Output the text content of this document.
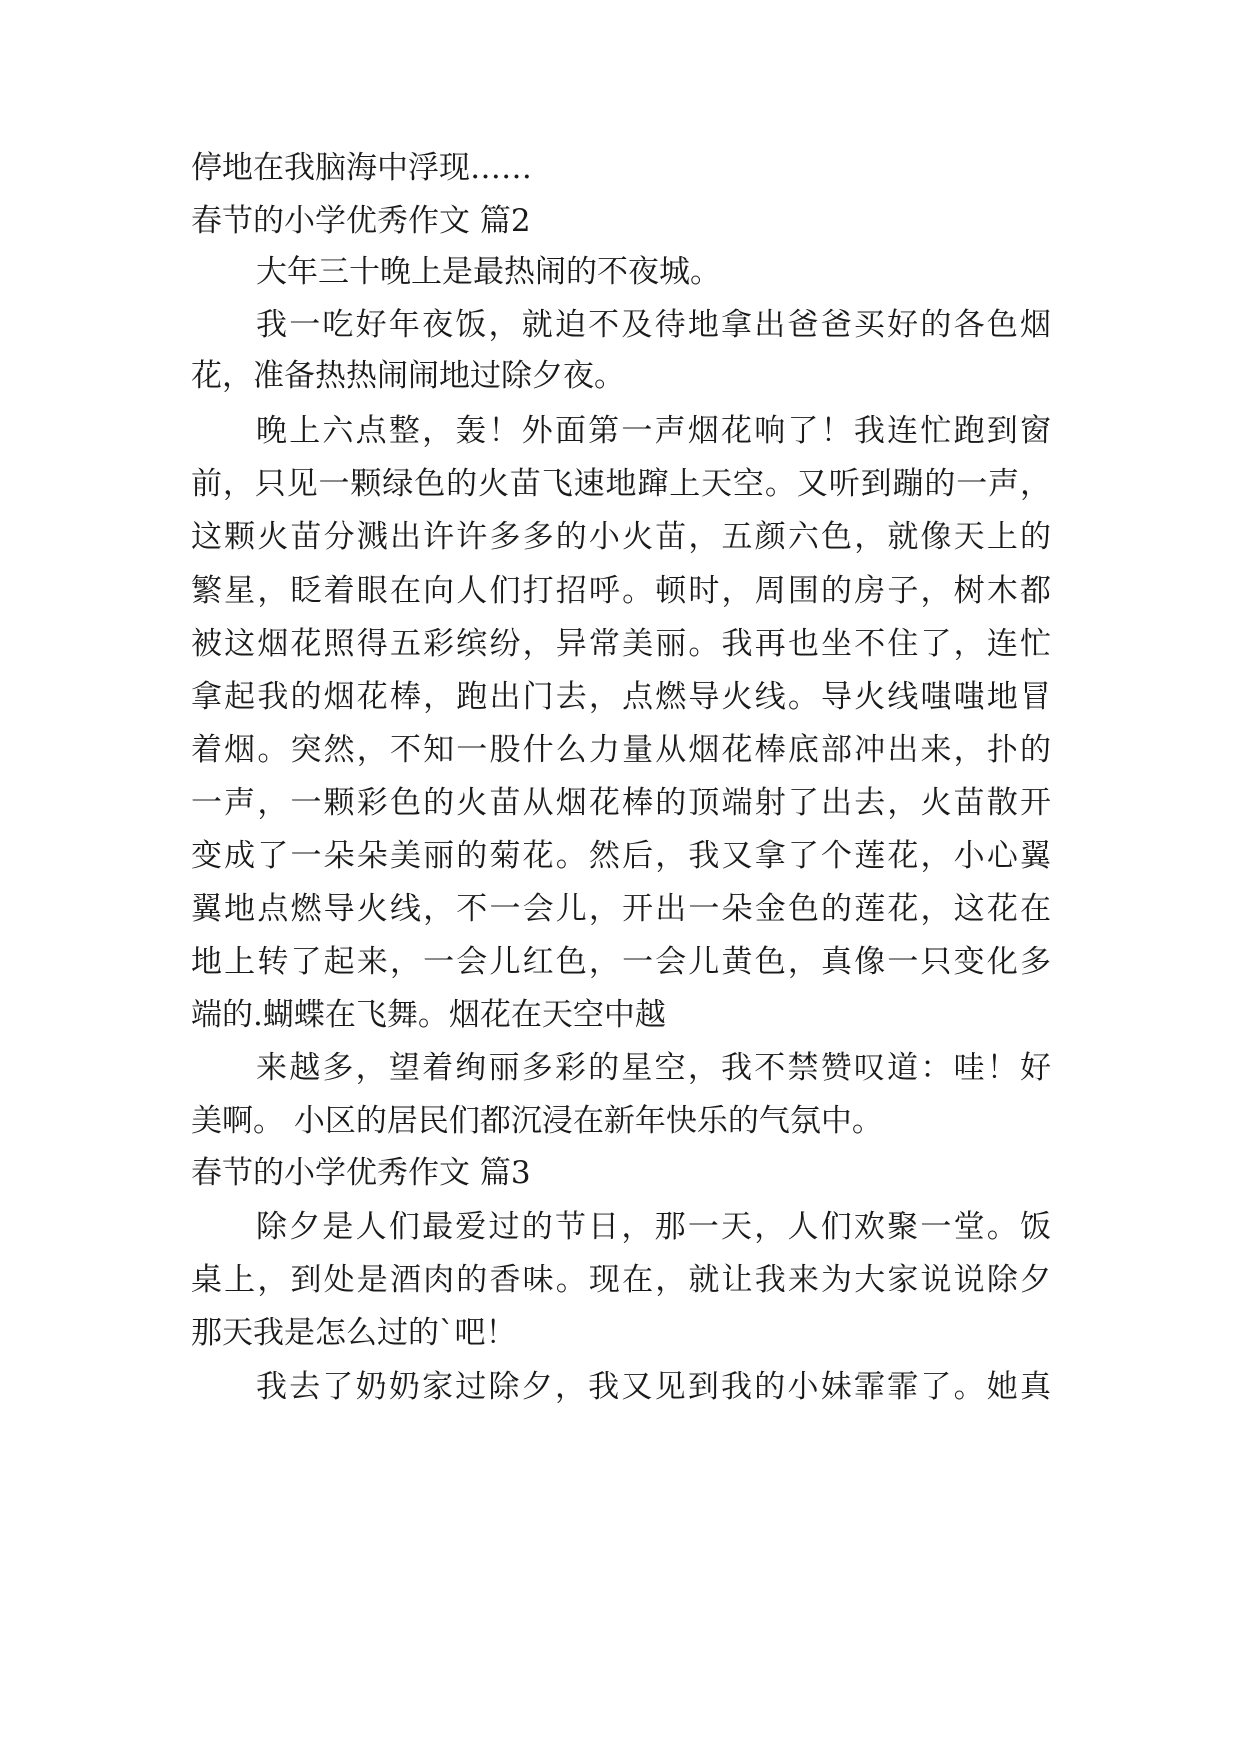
停地在我脑海中浮现……
春节的小学优秀作文 篇2
大年三十晚上是最热闹的不夜城。
我一吃好年夜饭，就迫不及待地拿出爸爸买好的各色烟
花，准备热热闹闹地过除夕夜。
晚上六点整，轰！外面第一声烟花响了！我连忙跑到窗
前，只见一颗绿色的火苗飞速地蹿上天空。又听到蹦的一声，
这颗火苗分溅出许许多多的小火苗，五颜六色，就像天上的
繁星，眨着眼在向人们打招呼。顿时，周围的房子，树木都
被这烟花照得五彩缤纷，异常美丽。我再也坐不住了，连忙
拿起我的烟花棒，跑出门去，点燃导火线。导火线嗤嗤地冒
着烟。突然，不知一股什么力量从烟花棒底部冲出来，扑的
一声，一颗彩色的火苗从烟花棒的顶端射了出去，火苗散开
变成了一朵朵美丽的菊花。然后，我又拿了个莲花，小心翼
翼地点燃导火线，不一会儿，开出一朵金色的莲花，这花在
地上转了起来，一会儿红色，一会儿黄色，真像一只变化多
端的.蝴蝶在飞舞。烟花在天空中越
来越多，望着绚丽多彩的星空，我不禁赞叹道：哇！好
美啊。 小区的居民们都沉浸在新年快乐的气氛中。
春节的小学优秀作文 篇3
除夕是人们最爱过的节日，那一天，人们欢聚一堂。饭
桌上，到处是酒肉的香味。现在，就让我来为大家说说除夕
那天我是怎么过的`吧！
我去了奶奶家过除夕，我又见到我的小妹霏霏了。她真
